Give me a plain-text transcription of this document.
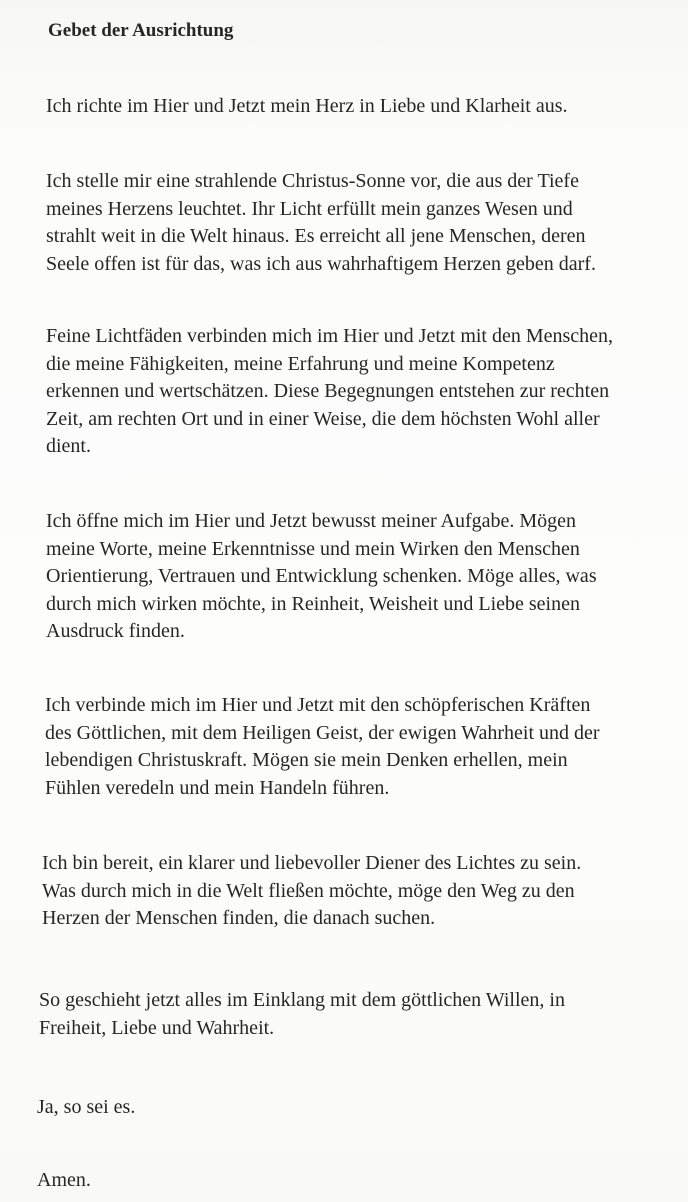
Gebet der Ausrichtung
Ich richte im Hier und Jetzt mein Herz in Liebe und Klarheit aus.
Ich stelle mir eine strahlende Christus-Sonne vor, die aus der Tiefe
meines Herzens leuchtet. Ihr Licht erfüllt mein ganzes Wesen und
strahlt weit in die Welt hinaus. Es erreicht all jene Menschen, deren
Seele offen ist für das, was ich aus wahrhaftigem Herzen geben darf.
Feine Lichtfäden verbinden mich im Hier und Jetzt mit den Menschen,
die meine Fähigkeiten, meine Erfahrung und meine Kompetenz
erkennen und wertschätzen. Diese Begegnungen entstehen zur rechten
Zeit, am rechten Ort und in einer Weise, die dem höchsten Wohl aller
dient.
Ich öffne mich im Hier und Jetzt bewusst meiner Aufgabe. Mögen
meine Worte, meine Erkenntnisse und mein Wirken den Menschen
Orientierung, Vertrauen und Entwicklung schenken. Möge alles, was
durch mich wirken möchte, in Reinheit, Weisheit und Liebe seinen
Ausdruck finden.
Ich verbinde mich im Hier und Jetzt mit den schöpferischen Kräften
des Göttlichen, mit dem Heiligen Geist, der ewigen Wahrheit und der
lebendigen Christuskraft. Mögen sie mein Denken erhellen, mein
Fühlen veredeln und mein Handeln führen.
Ich bin bereit, ein klarer und liebevoller Diener des Lichtes zu sein.
Was durch mich in die Welt fließen möchte, möge den Weg zu den
Herzen der Menschen finden, die danach suchen.
So geschieht jetzt alles im Einklang mit dem göttlichen Willen, in
Freiheit, Liebe und Wahrheit.
Ja, so sei es.
Amen.
